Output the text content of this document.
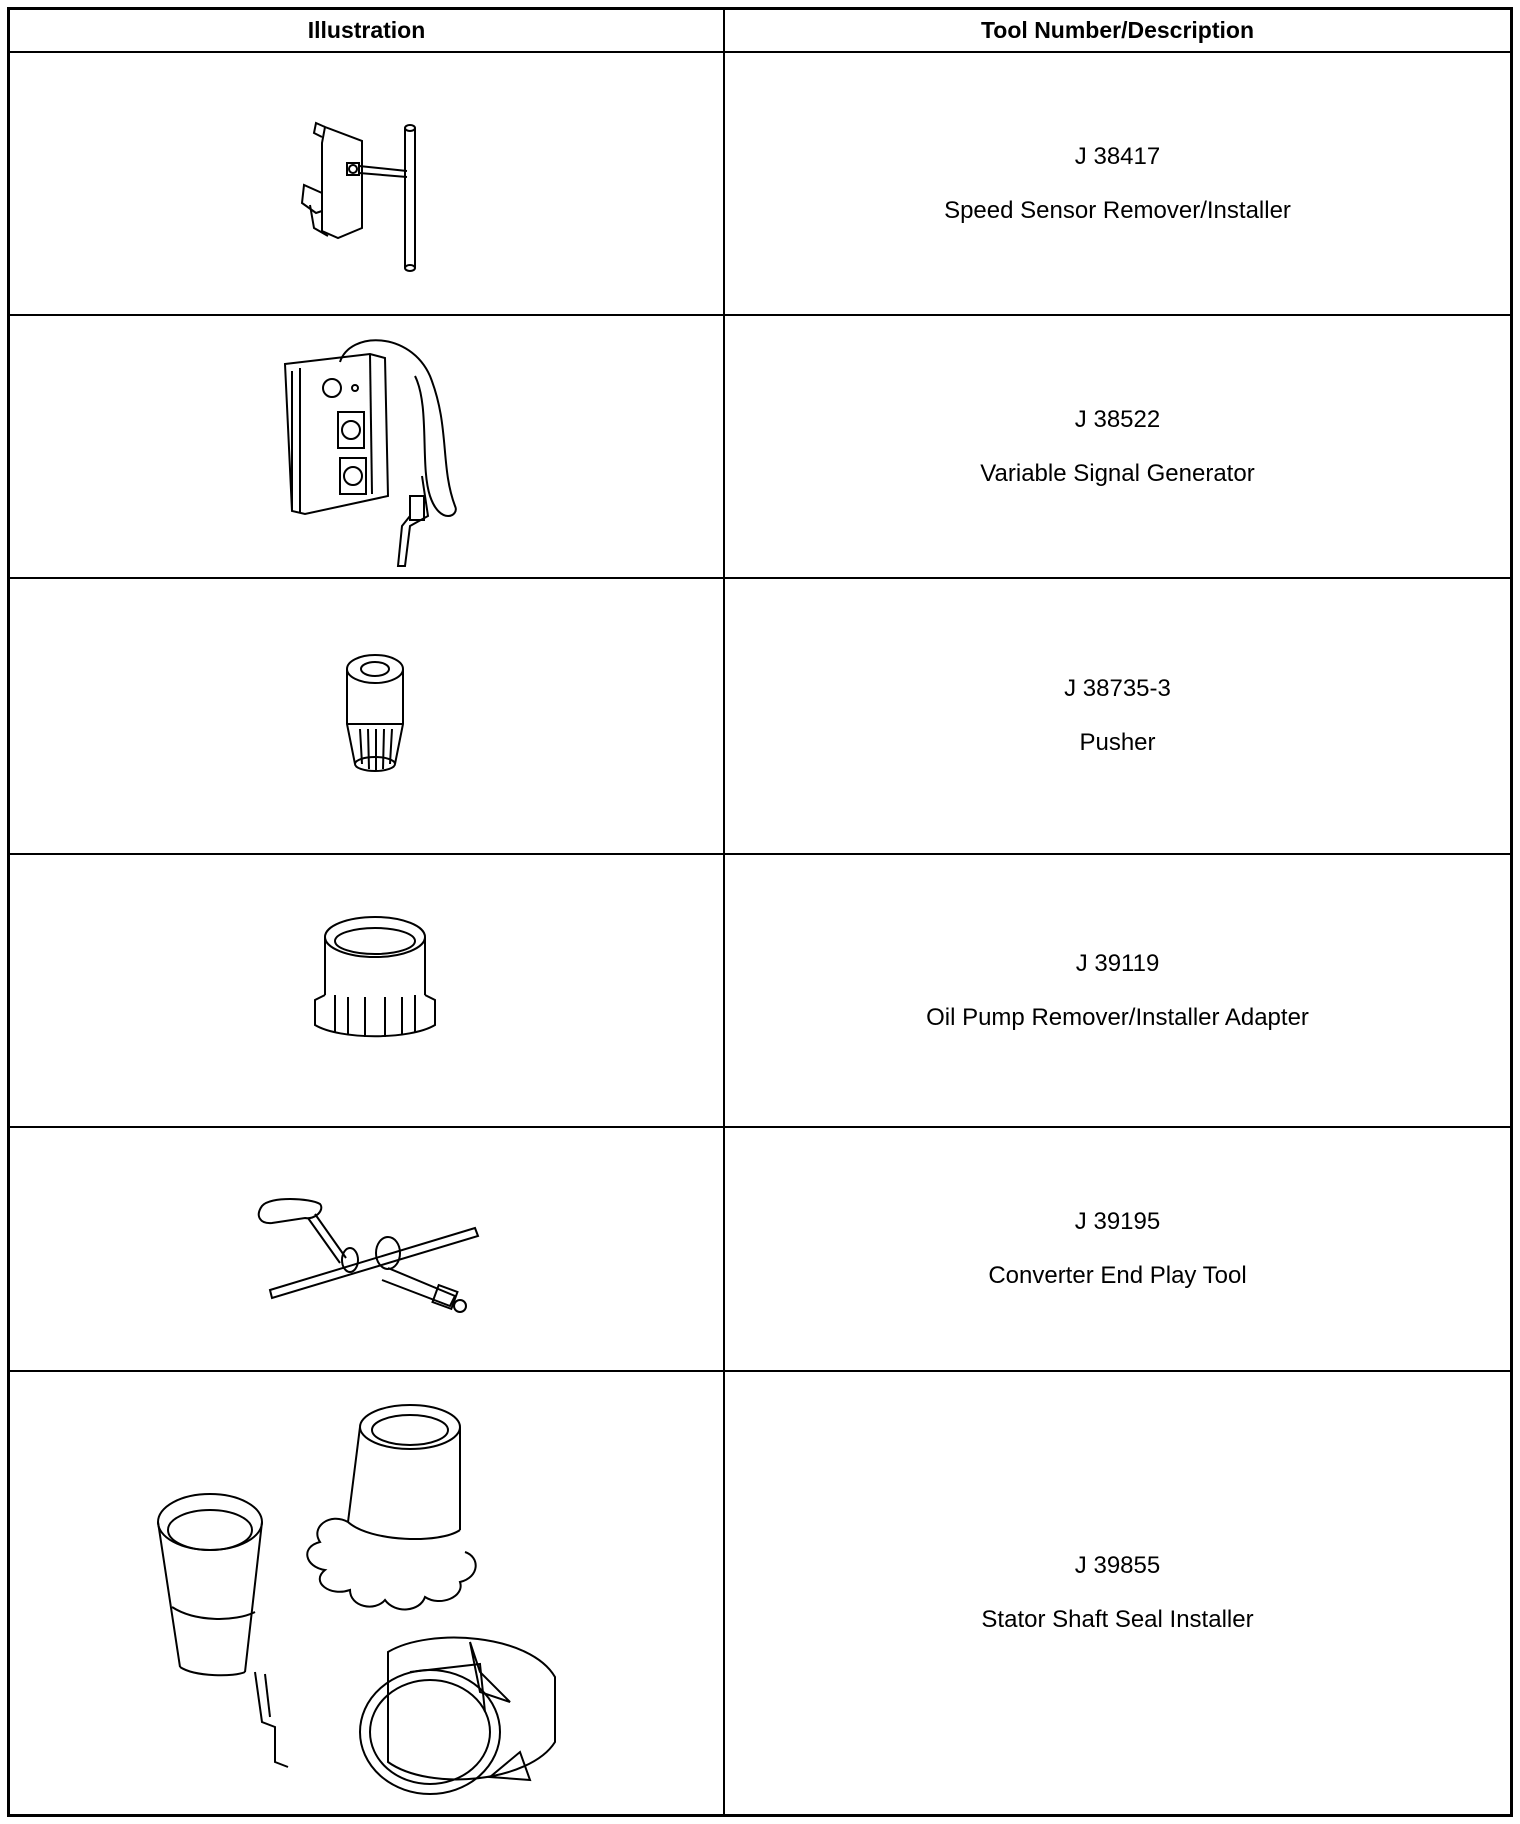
Illustration	Tool Number/Description
J 38417
Speed Sensor Remover/Installer
J 38522
Variable Signal Generator
J 38735-3
Pusher
J 39119
Oil Pump Remover/Installer Adapter
J 39195
Converter End Play Tool
J 39855
Stator Shaft Seal Installer
